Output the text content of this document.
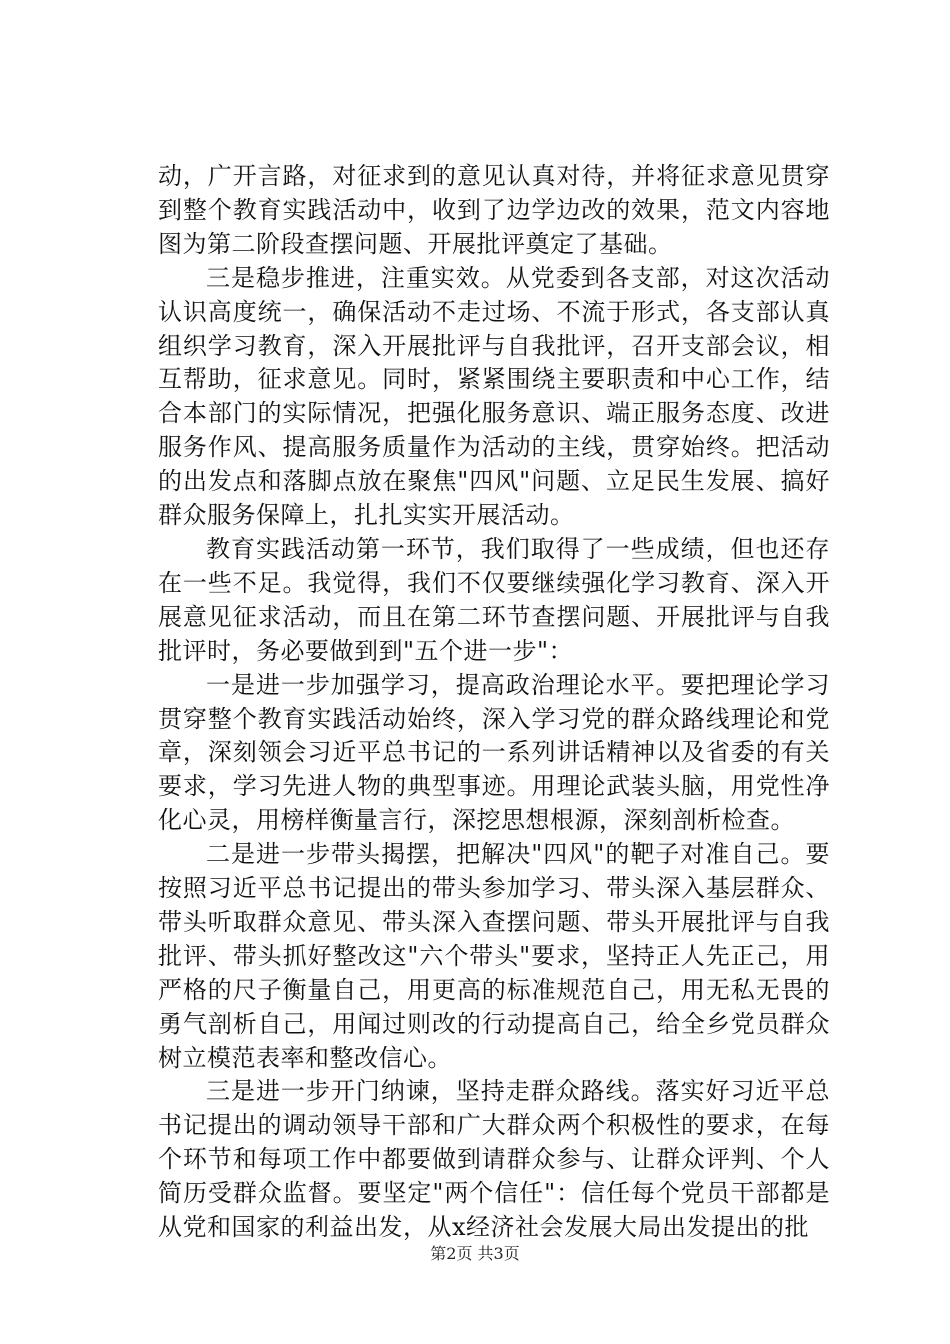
动，广开言路，对征求到的意见认真对待，并将征求意见贯穿到整个教育实践活动中，收到了边学边改的效果，范文内容地图为第二阶段查摆问题、开展批评奠定了基础。

三是稳步推进，注重实效。从党委到各支部，对这次活动认识高度统一，确保活动不走过场、不流于形式，各支部认真组织学习教育，深入开展批评与自我批评，召开支部会议，相互帮助，征求意见。同时，紧紧围绕主要职责和中心工作，结合本部门的实际情况，把强化服务意识、端正服务态度、改进服务作风、提高服务质量作为活动的主线，贯穿始终。把活动的出发点和落脚点放在聚焦"四风"问题、立足民生发展、搞好群众服务保障上，扎扎实实开展活动。

教育实践活动第一环节，我们取得了一些成绩，但也还存在一些不足。我觉得，我们不仅要继续强化学习教育、深入开展意见征求活动，而且在第二环节查摆问题、开展批评与自我批评时，务必要做到到"五个进一步"：

一是进一步加强学习，提高政治理论水平。要把理论学习贯穿整个教育实践活动始终，深入学习党的群众路线理论和党章，深刻领会习近平总书记的一系列讲话精神以及省委的有关要求，学习先进人物的典型事迹。用理论武装头脑，用党性净化心灵，用榜样衡量言行，深挖思想根源，深刻剖析检查。

二是进一步带头揭摆，把解决"四风"的靶子对准自己。要按照习近平总书记提出的带头参加学习、带头深入基层群众、带头听取群众意见、带头深入查摆问题、带头开展批评与自我批评、带头抓好整改这"六个带头"要求，坚持正人先正己，用严格的尺子衡量自己，用更高的标准规范自己，用无私无畏的勇气剖析自己，用闻过则改的行动提高自己，给全乡党员群众树立模范表率和整改信心。

三是进一步开门纳谏，坚持走群众路线。落实好习近平总书记提出的调动领导干部和广大群众两个积极性的要求，在每个环节和每项工作中都要做到请群众参与、让群众评判、个人简历受群众监督。要坚定"两个信任"：信任每个党员干部都是从党和国家的利益出发，从x经济社会发展大局出发提出的批

第2页 共3页
